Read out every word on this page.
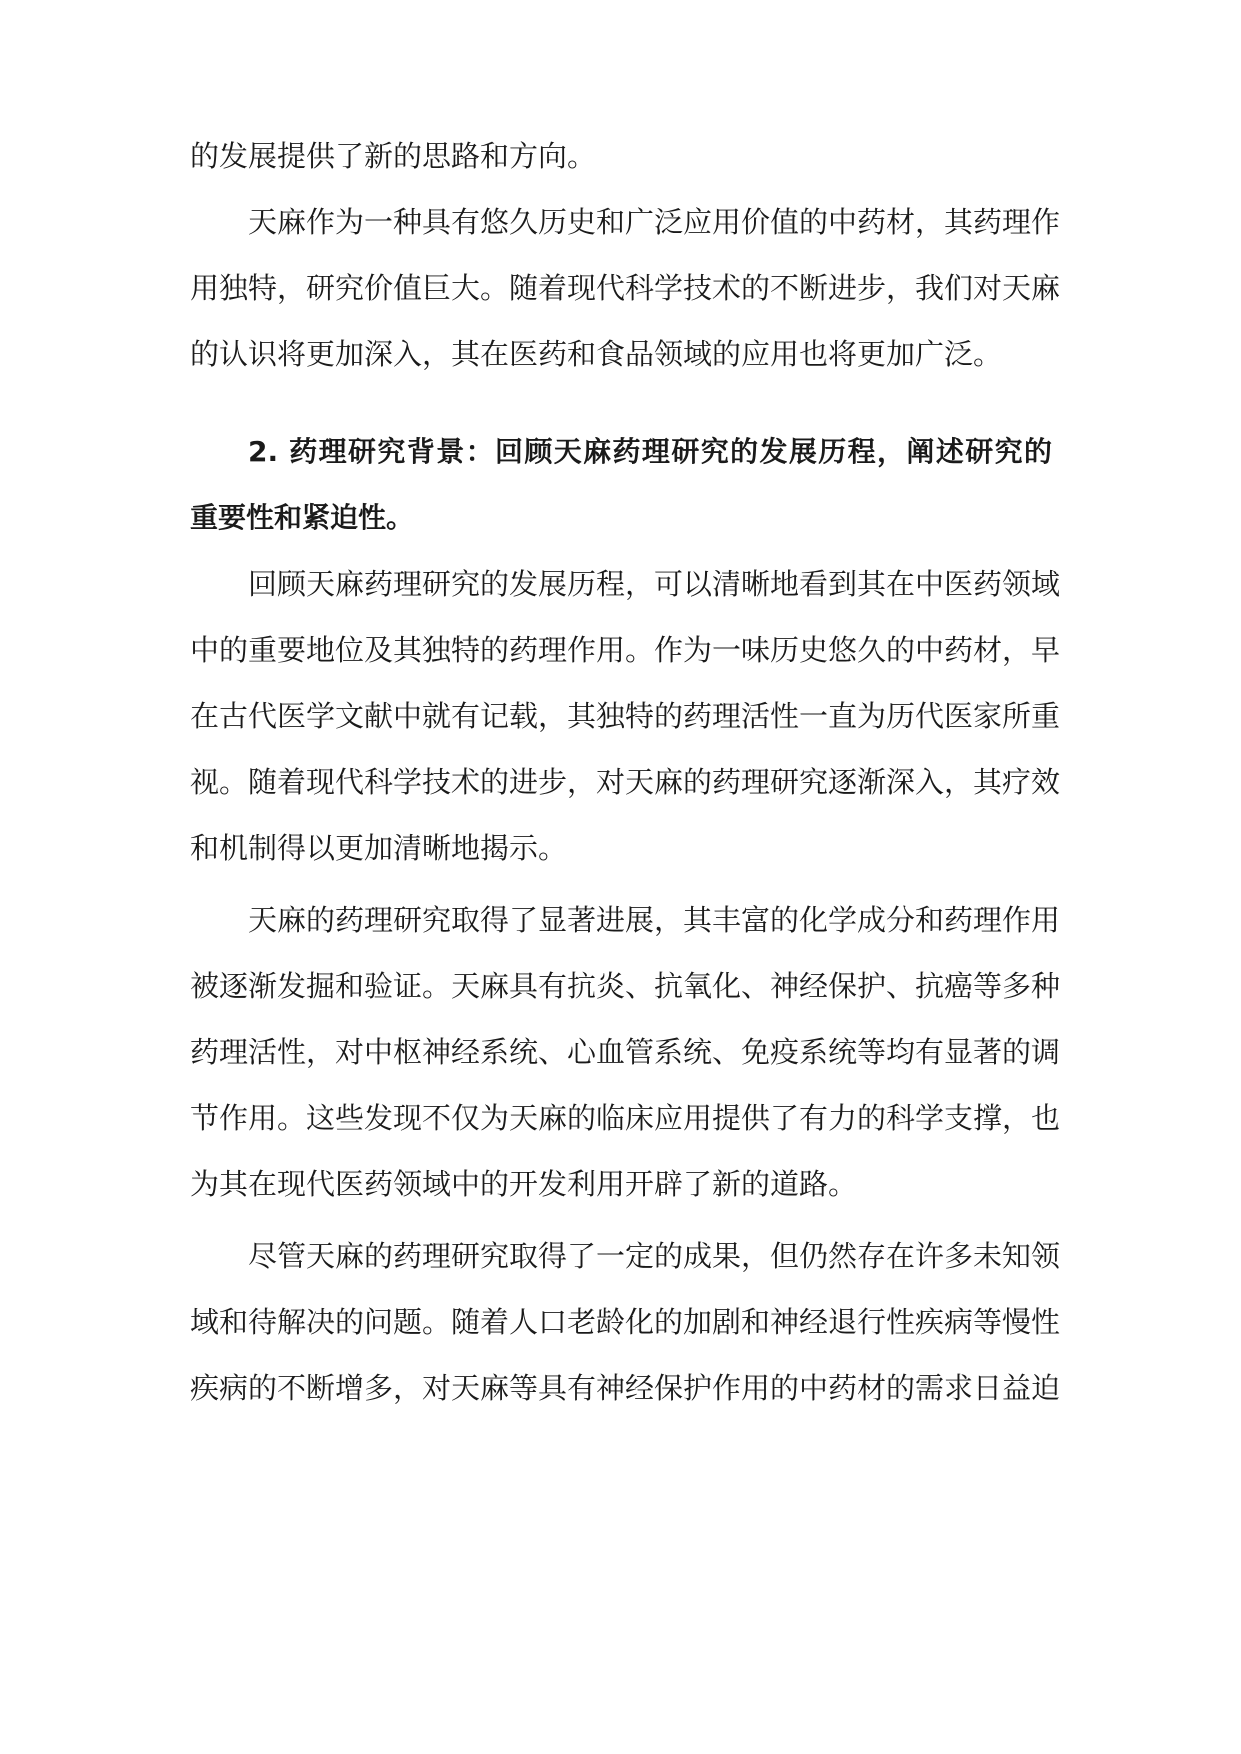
的发展提供了新的思路和方向。
天麻作为一种具有悠久历史和广泛应用价值的中药材，其药理作
用独特，研究价值巨大。随着现代科学技术的不断进步，我们对天麻
的认识将更加深入，其在医药和食品领域的应用也将更加广泛。
2. 药理研究背景：回顾天麻药理研究的发展历程，阐述研究的
重要性和紧迫性。
回顾天麻药理研究的发展历程，可以清晰地看到其在中医药领域
中的重要地位及其独特的药理作用。作为一味历史悠久的中药材，早
在古代医学文献中就有记载，其独特的药理活性一直为历代医家所重
视。随着现代科学技术的进步，对天麻的药理研究逐渐深入，其疗效
和机制得以更加清晰地揭示。
天麻的药理研究取得了显著进展，其丰富的化学成分和药理作用
被逐渐发掘和验证。天麻具有抗炎、抗氧化、神经保护、抗癌等多种
药理活性，对中枢神经系统、心血管系统、免疫系统等均有显著的调
节作用。这些发现不仅为天麻的临床应用提供了有力的科学支撑，也
为其在现代医药领域中的开发利用开辟了新的道路。
尽管天麻的药理研究取得了一定的成果，但仍然存在许多未知领
域和待解决的问题。随着人口老龄化的加剧和神经退行性疾病等慢性
疾病的不断增多，对天麻等具有神经保护作用的中药材的需求日益迫
